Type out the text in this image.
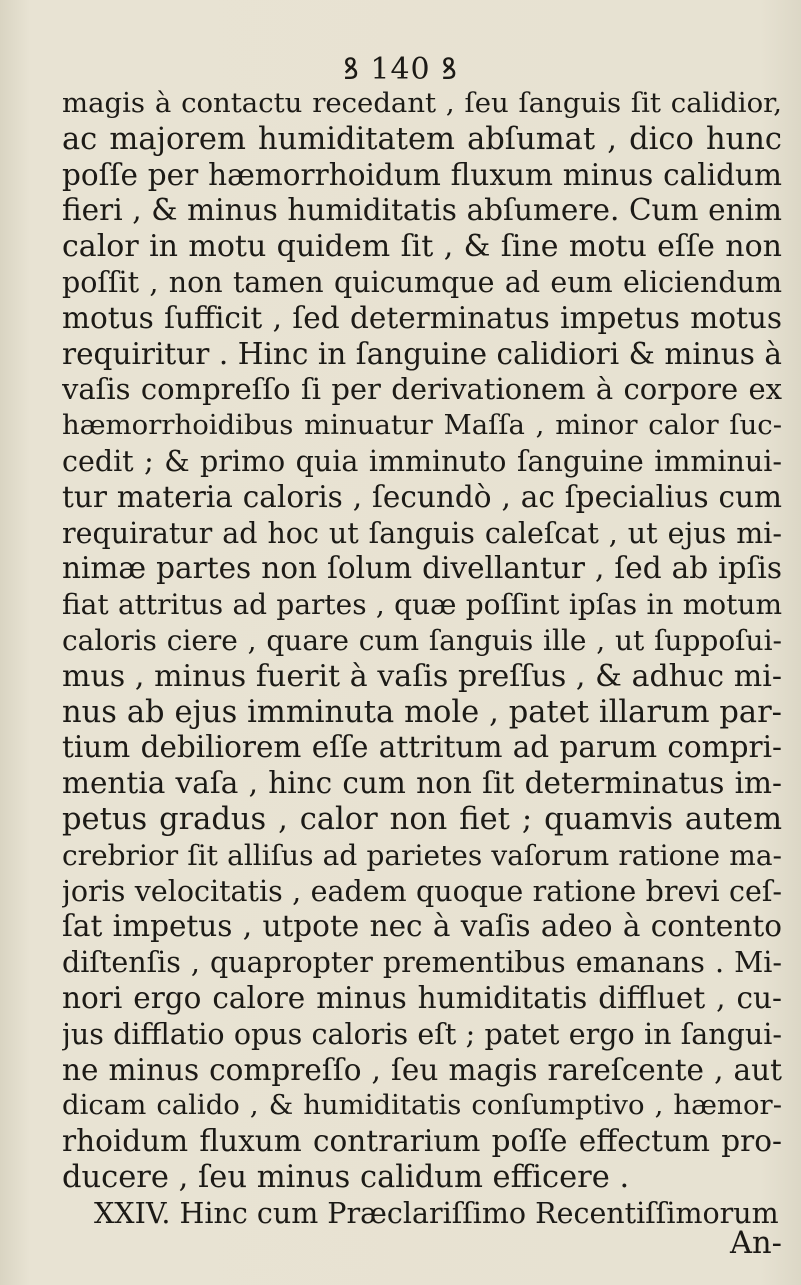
ꝸ 140 ꝸ
magis à contactu recedant , ſeu ſanguis ſit calidior,
ac majorem humiditatem abſumat , dico hunc
poſſe per hæmorrhoidum fluxum minus calidum
fieri , & minus humiditatis abſumere. Cum enim
calor in motu quidem ſit , & ſine motu eſſe non
poſſit , non tamen quicumque ad eum eliciendum
motus ſufficit , ſed determinatus impetus motus
requiritur . Hinc in ſanguine calidiori & minus à
vaſis compreſſo ſi per derivationem à corpore ex
hæmorrhoidibus minuatur Maſſa , minor calor ſuc-
cedit ; & primo quia imminuto ſanguine imminui-
tur materia caloris , ſecundò , ac ſpecialius cum
requiratur ad hoc ut ſanguis caleſcat , ut ejus mi-
nimæ partes non ſolum divellantur , ſed ab ipſis
fiat attritus ad partes , quæ poſſint ipſas in motum
caloris ciere , quare cum ſanguis ille , ut ſuppoſui-
mus , minus fuerit à vaſis preſſus , & adhuc mi-
nus ab ejus imminuta mole , patet illarum par-
tium debiliorem eſſe attritum ad parum compri-
mentia vaſa , hinc cum non ſit determinatus im-
petus gradus , calor non fiet ; quamvis autem
crebrior ſit alliſus ad parietes vaſorum ratione ma-
joris velocitatis , eadem quoque ratione brevi ceſ-
ſat impetus , utpote nec à vaſis adeo à contento
diſtenſis , quapropter prementibus emanans . Mi-
nori ergo calore minus humiditatis diffluet , cu-
jus difflatio opus caloris eſt ; patet ergo in ſangui-
ne minus compreſſo , ſeu magis rareſcente , aut
dicam calido , & humiditatis conſumptivo , hæmor-
rhoidum fluxum contrarium poſſe effectum pro-
ducere , ſeu minus calidum efficere .
XXIV. Hinc cum Præclariſſimo Recentiſſimorum
An-
